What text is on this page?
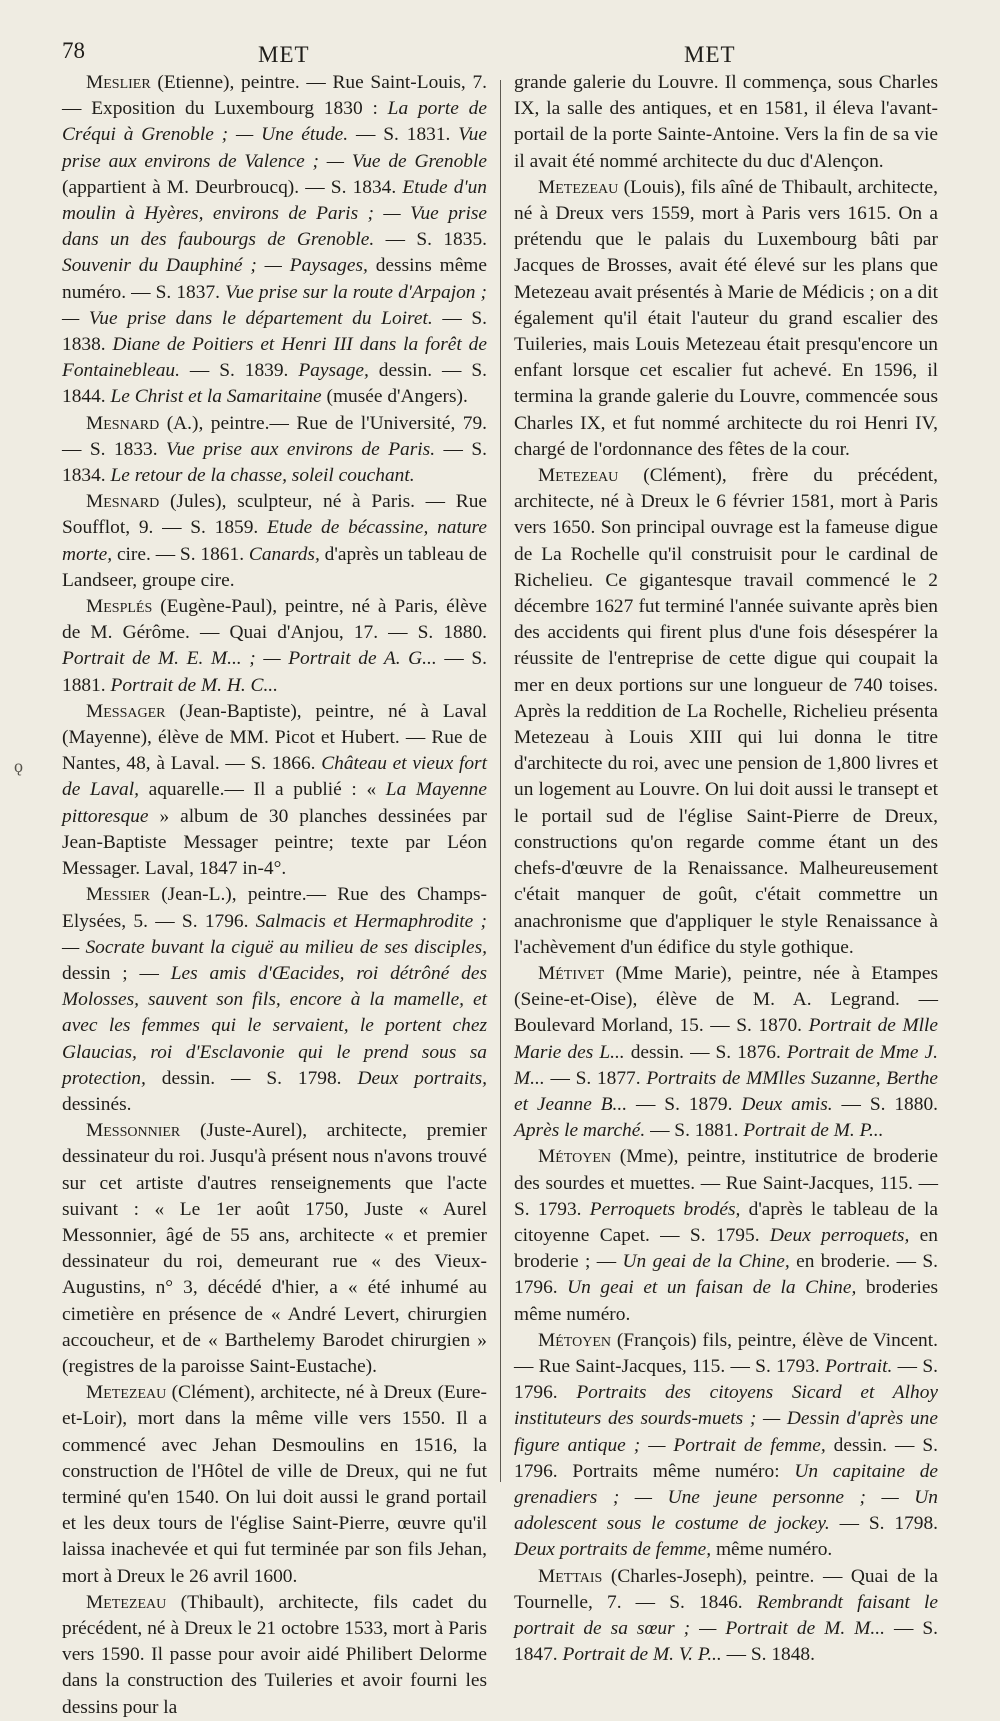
78	MET	MET
ǫ

Meslier (Etienne), peintre. — Rue Saint-Louis, 7. — Exposition du Luxembourg 1830 : La porte de Créqui à Grenoble ; — Une étude. — S. 1831. Vue prise aux environs de Valence ; — Vue de Grenoble (appartient à M. Deurbroucq). — S. 1834. Etude d'un moulin à Hyères, environs de Paris ; — Vue prise dans un des faubourgs de Grenoble. — S. 1835. Souvenir du Dauphiné ; — Paysages, dessins même numéro. — S. 1837. Vue prise sur la route d'Arpajon ; — Vue prise dans le département du Loiret. — S. 1838. Diane de Poitiers et Henri III dans la forêt de Fontainebleau. — S. 1839. Paysage, dessin. — S. 1844. Le Christ et la Samaritaine (musée d'Angers).

Mesnard (A.), peintre.— Rue de l'Université, 79. — S. 1833. Vue prise aux environs de Paris. — S. 1834. Le retour de la chasse, soleil couchant.

Mesnard (Jules), sculpteur, né à Paris. — Rue Soufflot, 9. — S. 1859. Etude de bécassine, nature morte, cire. — S. 1861. Canards, d'après un tableau de Landseer, groupe cire.

Mesplés (Eugène-Paul), peintre, né à Paris, élève de M. Gérôme. — Quai d'Anjou, 17. — S. 1880. Portrait de M. E. M... ; — Portrait de A. G... — S. 1881. Portrait de M. H. C...

Messager (Jean-Baptiste), peintre, né à Laval (Mayenne), élève de MM. Picot et Hubert. — Rue de Nantes, 48, à Laval. — S. 1866. Château et vieux fort de Laval, aquarelle.— Il a publié : « La Mayenne pittoresque » album de 30 planches dessinées par Jean-Baptiste Messager peintre; texte par Léon Messager. Laval, 1847 in-4°.

Messier (Jean-L.), peintre.— Rue des Champs-Elysées, 5. — S. 1796. Salmacis et Hermaphrodite ; — Socrate buvant la ciguë au milieu de ses disciples, dessin ; — Les amis d'Œacides, roi détrôné des Molosses, sauvent son fils, encore à la mamelle, et avec les femmes qui le servaient, le portent chez Glaucias, roi d'Esclavonie qui le prend sous sa protection, dessin. — S. 1798. Deux portraits, dessinés.

Messonnier (Juste-Aurel), architecte, premier dessinateur du roi. Jusqu'à présent nous n'avons trouvé sur cet artiste d'autres renseignements que l'acte suivant : « Le 1er août 1750, Juste « Aurel Messonnier, âgé de 55 ans, architecte « et premier dessinateur du roi, demeurant rue « des Vieux-Augustins, n° 3, décédé d'hier, a « été inhumé au cimetière en présence de « André Levert, chirurgien accoucheur, et de « Barthelemy Barodet chirurgien » (registres de la paroisse Saint-Eustache).

Metezeau (Clément), architecte, né à Dreux (Eure-et-Loir), mort dans la même ville vers 1550. Il a commencé avec Jehan Desmoulins en 1516, la construction de l'Hôtel de ville de Dreux, qui ne fut terminé qu'en 1540. On lui doit aussi le grand portail et les deux tours de l'église Saint-Pierre, œuvre qu'il laissa inachevée et qui fut terminée par son fils Jehan, mort à Dreux le 26 avril 1600.

Metezeau (Thibault), architecte, fils cadet du précédent, né à Dreux le 21 octobre 1533, mort à Paris vers 1590. Il passe pour avoir aidé Philibert Delorme dans la construction des Tuileries et avoir fourni les dessins pour la

grande galerie du Louvre. Il commença, sous Charles IX, la salle des antiques, et en 1581, il éleva l'avant-portail de la porte Sainte-Antoine. Vers la fin de sa vie il avait été nommé architecte du duc d'Alençon.

Metezeau (Louis), fils aîné de Thibault, architecte, né à Dreux vers 1559, mort à Paris vers 1615. On a prétendu que le palais du Luxembourg bâti par Jacques de Brosses, avait été élevé sur les plans que Metezeau avait présentés à Marie de Médicis ; on a dit également qu'il était l'auteur du grand escalier des Tuileries, mais Louis Metezeau était presqu'encore un enfant lorsque cet escalier fut achevé. En 1596, il termina la grande galerie du Louvre, commencée sous Charles IX, et fut nommé architecte du roi Henri IV, chargé de l'ordonnance des fêtes de la cour.

Metezeau (Clément), frère du précédent, architecte, né à Dreux le 6 février 1581, mort à Paris vers 1650. Son principal ouvrage est la fameuse digue de La Rochelle qu'il construisit pour le cardinal de Richelieu. Ce gigantesque travail commencé le 2 décembre 1627 fut terminé l'année suivante après bien des accidents qui firent plus d'une fois désespérer la réussite de l'entreprise de cette digue qui coupait la mer en deux portions sur une longueur de 740 toises. Après la reddition de La Rochelle, Richelieu présenta Metezeau à Louis XIII qui lui donna le titre d'architecte du roi, avec une pension de 1,800 livres et un logement au Louvre. On lui doit aussi le transept et le portail sud de l'église Saint-Pierre de Dreux, constructions qu'on regarde comme étant un des chefs-d'œuvre de la Renaissance. Malheureusement c'était manquer de goût, c'était commettre un anachronisme que d'appliquer le style Renaissance à l'achèvement d'un édifice du style gothique.

Métivet (Mme Marie), peintre, née à Etampes (Seine-et-Oise), élève de M. A. Legrand. — Boulevard Morland, 15. — S. 1870. Portrait de Mlle Marie des L... dessin. — S. 1876. Portrait de Mme J. M... — S. 1877. Portraits de MMlles Suzanne, Berthe et Jeanne B... — S. 1879. Deux amis. — S. 1880. Après le marché. — S. 1881. Portrait de M. P...

Métoyen (Mme), peintre, institutrice de broderie des sourdes et muettes. — Rue Saint-Jacques, 115. — S. 1793. Perroquets brodés, d'après le tableau de la citoyenne Capet. — S. 1795. Deux perroquets, en broderie ; — Un geai de la Chine, en broderie. — S. 1796. Un geai et un faisan de la Chine, broderies même numéro.

Métoyen (François) fils, peintre, élève de Vincent. — Rue Saint-Jacques, 115. — S. 1793. Portrait. — S. 1796. Portraits des citoyens Sicard et Alhoy instituteurs des sourds-muets ; — Dessin d'après une figure antique ; — Portrait de femme, dessin. — S. 1796. Portraits même numéro: Un capitaine de grenadiers ; — Une jeune personne ; — Un adolescent sous le costume de jockey. — S. 1798. Deux portraits de femme, même numéro.

Mettais (Charles-Joseph), peintre. — Quai de la Tournelle, 7. — S. 1846. Rembrandt faisant le portrait de sa sœur ; — Portrait de M. M... — S. 1847. Portrait de M. V. P... — S. 1848.
